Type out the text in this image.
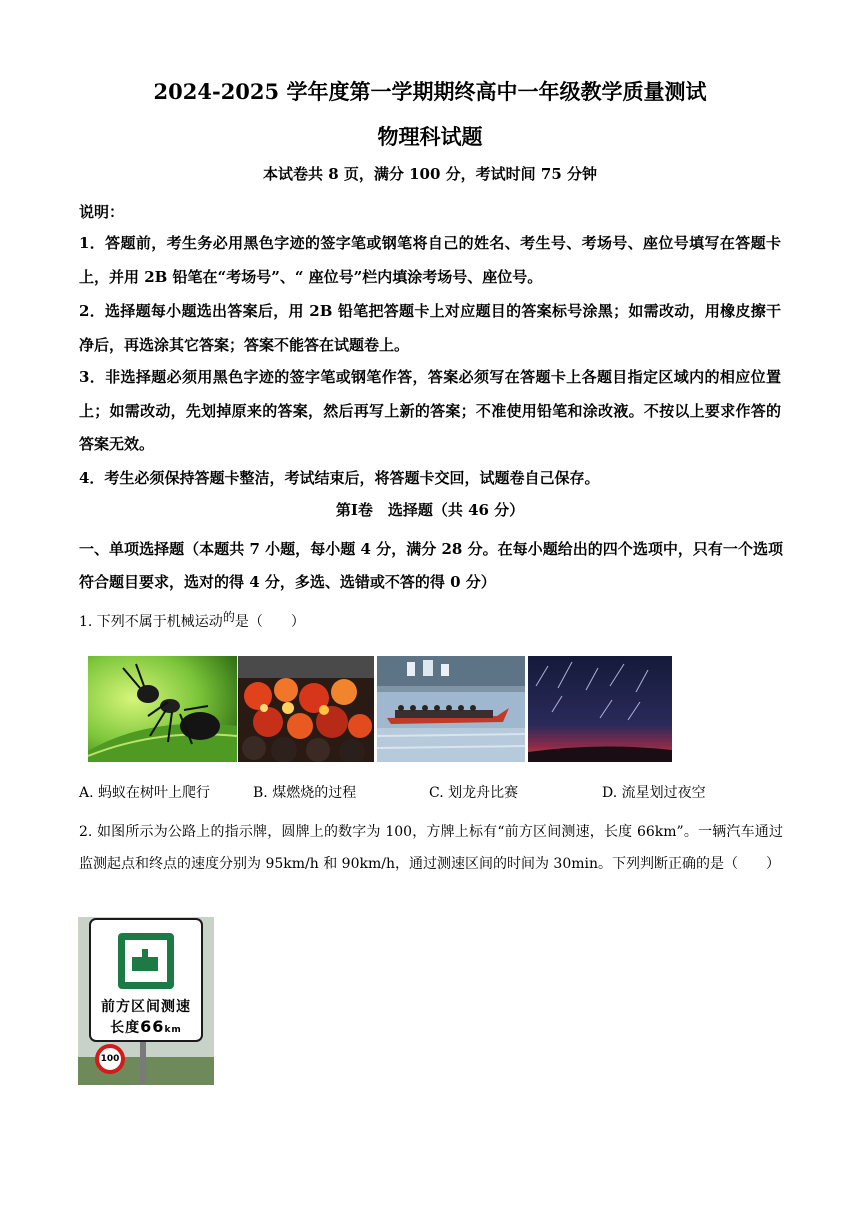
2024-2025 学年度第一学期期终高中一年级教学质量测试
物理科试题
本试卷共 8 页，满分 100 分，考试时间 75 分钟
说明：
1．答题前，考生务必用黑色字迹的签字笔或钢笔将自己的姓名、考生号、考场号、座位号填写在答题卡上，并用 2B 铅笔在“考场号”、“ 座位号”栏内填涂考场号、座位号。
2．选择题每小题选出答案后，用 2B 铅笔把答题卡上对应题目的答案标号涂黑；如需改动，用橡皮擦干净后，再选涂其它答案；答案不能答在试题卷上。
3．非选择题必须用黑色字迹的签字笔或钢笔作答，答案必须写在答题卡上各题目指定区域内的相应位置上；如需改动，先划掉原来的答案，然后再写上新的答案；不准使用铅笔和涂改液。不按以上要求作答的答案无效。
4．考生必须保持答题卡整洁，考试结束后，将答题卡交回，试题卷自己保存。
第Ⅰ卷　选择题（共 46 分）
一、单项选择题（本题共 7 小题，每小题 4 分，满分 28 分。在每小题给出的四个选项中，只有一个选项符合题目要求，选对的得 4 分，多选、选错或不答的得 0 分）
1. 下列不属于机械运动$^的$是（　　）
A. 蚂蚁在树叶上爬行	B. 煤燃烧的过程	C. 划龙舟比赛	D. 流星划过夜空
2. 如图所示为公路上的指示牌，圆牌上的数字为 100，方牌上标有“前方区间测速，长度 66km”。一辆汽车通过监测起点和终点的速度分别为 95km/h 和 90km/h，通过测速区间的时间为 30min。下列判断正确的是（　　）
前方区间测速
长度66km
100
